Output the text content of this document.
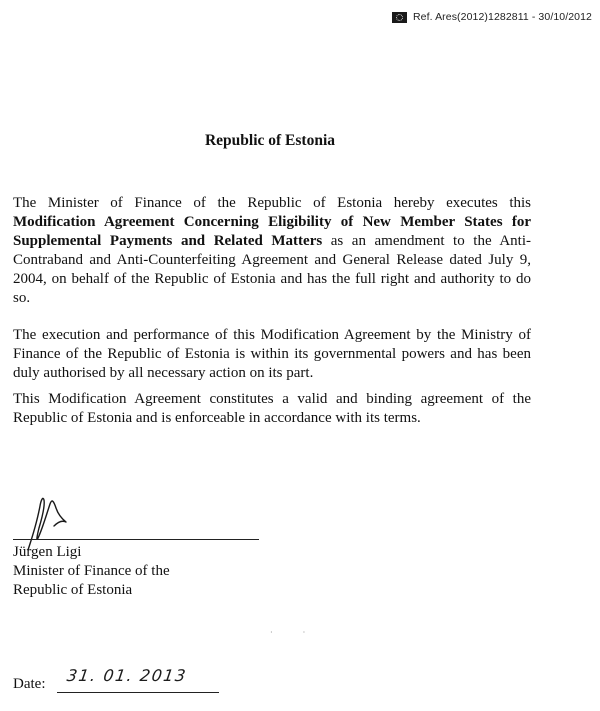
Ref. Ares(2012)1282811 - 30/10/2012
Republic of Estonia
The Minister of Finance of the Republic of Estonia hereby executes this Modification Agreement Concerning Eligibility of New Member States for Supplemental Payments and Related Matters as an amendment to the Anti-Contraband and Anti-Counterfeiting Agreement and General Release dated July 9, 2004, on behalf of the Republic of Estonia and has the full right and authority to do so.
The execution and performance of this Modification Agreement by the Ministry of Finance of the Republic of Estonia is within its governmental powers and has been duly authorised by all necessary action on its part.
This Modification Agreement constitutes a valid and binding agreement of the Republic of Estonia and is enforceable in accordance with its terms.
Jürgen Ligi
Minister of Finance of the
Republic of Estonia
· ·
Date: 31. 01. 2013
